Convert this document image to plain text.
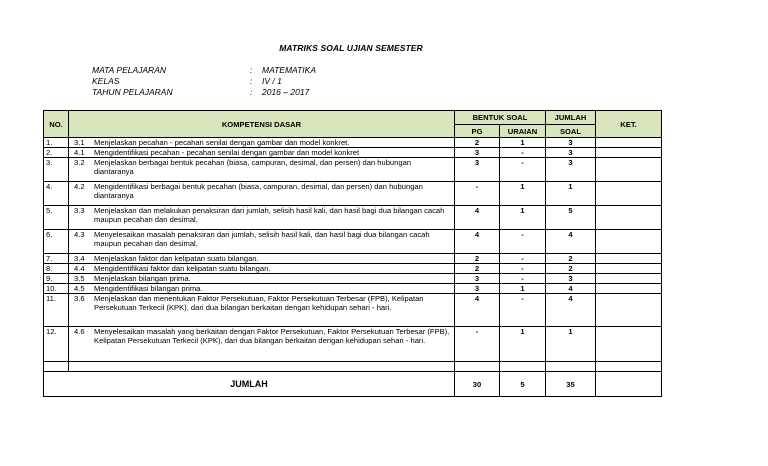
MATRIKS SOAL UJIAN SEMESTER
MATA PELAJARAN	:	MATEMATIKA
KELAS	:	IV / 1
TAHUN PELAJARAN	:	2016 – 2017
NO.	KOMPETENSI DASAR	BENTUK SOAL		JUMLAH	KET.
		PG	URAIAN	SOAL	
1.	3.1 Menjelaskan pecahan - pecahan senilai dengan gambar dan model konkret.	2	1	3	
2.	4.1 Mengidentifikasi pecahan - pecahan senilai dengan gambar dan model konkret	3	-	3	
3.	3.2 Menjelaskan berbagai bentuk pecahan (biasa, campuran, desimal, dan persen) dan hubungan diantaranya	3	-	3	
4.	4.2 Mengidentifikasi berbagai bentuk pecahan (biasa, campuran, desimal, dan persen) dan hubungan diantaranya	-	1	1	
5.	3.3 Menjelaskan dan melakukan penaksiran dari jumlah, selisih hasil kali, dan hasil bagi dua bilangan cacah maupun pecahan dan desimal.	4	1	5	
6.	4.3 Menyelesaikan masalah penaksiran dari jumlah, selisih hasil kali, dan hasil bagi dua bilangan cacah maupun pecahan dan desimal.	4	-	4	
7.	3.4 Menjelaskan faktor dan kelipatan suatu bilangan.	2	-	2	
8.	4.4 Mengidentifikasi faktor dan kelipatan suatu bilangan.	2	-	2	
9.	3.5 Menjelaskan bilangan prima.	3	-	3	
10.	4.5 Mengidentifikasi bilangan prima.	3	1	4	
11.	3.6 Menjelaskan dan menentukan Faktor Persekutuan, Faktor Persekutuan Terbesar (FPB), Kelipatan Persekutuan Terkecil (KPK), dari dua bilangan berkaitan dengan kehidupan sehari - hari.	4	-	4	
12.	4.6 Menyelesaikan masalah yang berkaitan dengan Faktor Persekutuan, Faktor Persekutuan Terbesar (FPB), Kelipatan Persekutuan Terkecil (KPK), dari dua bilangan berkaitan dengan kehidupan sehari - hari.	-	1	1	

JUMLAH		30	5	35	
